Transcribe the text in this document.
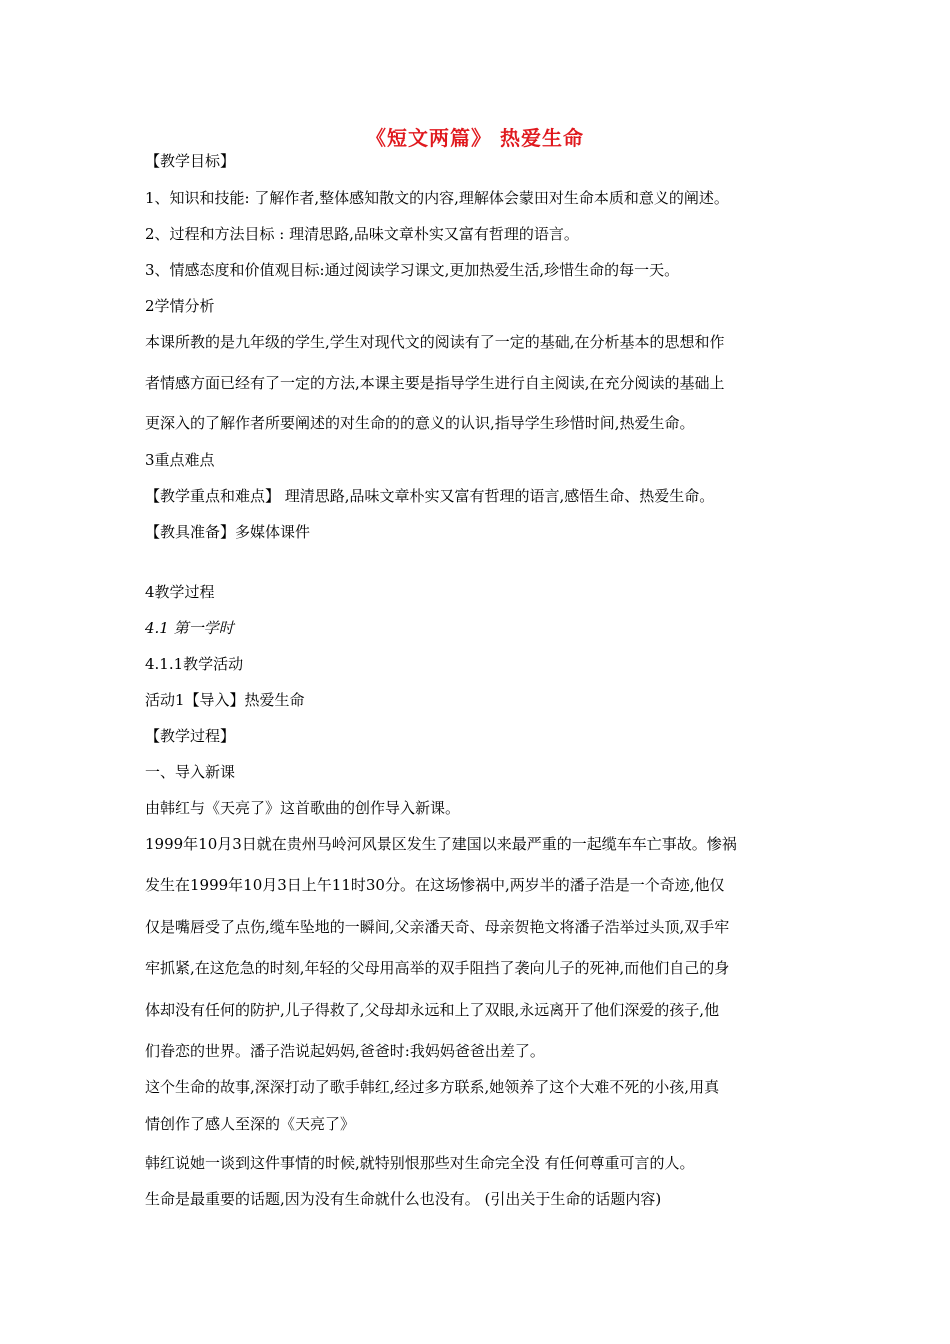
《短文两篇》 热爱生命
【教学目标】
1、知识和技能: 了解作者,整体感知散文的内容,理解体会蒙田对生命本质和意义的阐述。
2、过程和方法目标 : 理清思路,品味文章朴实又富有哲理的语言。
3、情感态度和价值观目标:通过阅读学习课文,更加热爱生活,珍惜生命的每一天。
2学情分析
本课所教的是九年级的学生,学生对现代文的阅读有了一定的基础,在分析基本的思想和作
者情感方面已经有了一定的方法,本课主要是指导学生进行自主阅读,在充分阅读的基础上
更深入的了解作者所要阐述的对生命的的意义的认识,指导学生珍惜时间,热爱生命。
3重点难点
【教学重点和难点】 理清思路,品味文章朴实又富有哲理的语言,感悟生命、热爱生命。
【教具准备】多媒体课件
4教学过程
4.1 第一学时
4.1.1教学活动
活动1【导入】热爱生命
【教学过程】
一、导入新课
由韩红与《天亮了》这首歌曲的创作导入新课。
1999年10月3日就在贵州马岭河风景区发生了建国以来最严重的一起缆车车亡事故。惨祸
发生在1999年10月3日上午11时30分。在这场惨祸中,两岁半的潘子浩是一个奇迹,他仅
仅是嘴唇受了点伤,缆车坠地的一瞬间,父亲潘天奇、母亲贺艳文将潘子浩举过头顶,双手牢
牢抓紧,在这危急的时刻,年轻的父母用高举的双手阻挡了袭向儿子的死神,而他们自己的身
体却没有任何的防护,儿子得救了,父母却永远和上了双眼,永远离开了他们深爱的孩子,他
们眷恋的世界。潘子浩说起妈妈,爸爸时:我妈妈爸爸出差了。
这个生命的故事,深深打动了歌手韩红,经过多方联系,她领养了这个大难不死的小孩,用真
情创作了感人至深的《天亮了》
韩红说她一谈到这件事情的时候,就特别恨那些对生命完全没 有任何尊重可言的人。
生命是最重要的话题,因为没有生命就什么也没有。 (引出关于生命的话题内容)
